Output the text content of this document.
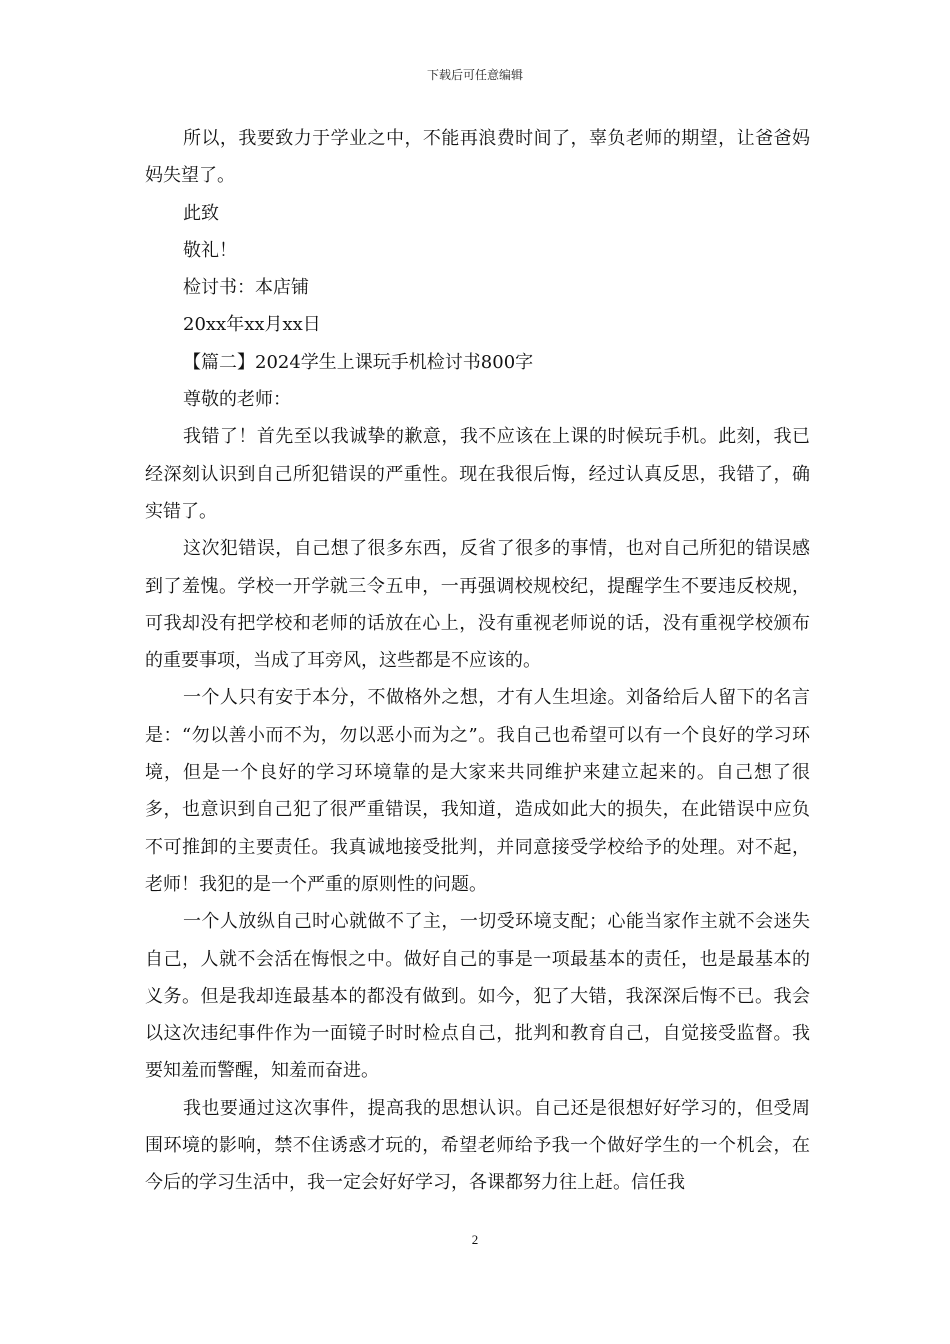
下载后可任意编辑

所以，我要致力于学业之中，不能再浪费时间了，辜负老师的期望，让爸爸妈妈失望了。

此致

敬礼！

检讨书：本店铺

20xx年xx月xx日

【篇二】2024学生上课玩手机检讨书800字

尊敬的老师：

我错了！首先至以我诚挚的歉意，我不应该在上课的时候玩手机。此刻，我已经深刻认识到自己所犯错误的严重性。现在我很后悔，经过认真反思，我错了，确实错了。

这次犯错误，自己想了很多东西，反省了很多的事情，也对自己所犯的错误感到了羞愧。学校一开学就三令五申，一再强调校规校纪，提醒学生不要违反校规，可我却没有把学校和老师的话放在心上，没有重视老师说的话，没有重视学校颁布的重要事项，当成了耳旁风，这些都是不应该的。

一个人只有安于本分，不做格外之想，才有人生坦途。刘备给后人留下的名言是：“勿以善小而不为，勿以恶小而为之”。我自己也希望可以有一个良好的学习环境，但是一个良好的学习环境靠的是大家来共同维护来建立起来的。自己想了很多，也意识到自己犯了很严重错误，我知道，造成如此大的损失，在此错误中应负不可推卸的主要责任。我真诚地接受批判，并同意接受学校给予的处理。对不起，老师！我犯的是一个严重的原则性的问题。

一个人放纵自己时心就做不了主，一切受环境支配；心能当家作主就不会迷失自己，人就不会活在悔恨之中。做好自己的事是一项最基本的责任，也是最基本的义务。但是我却连最基本的都没有做到。如今，犯了大错，我深深后悔不已。我会以这次违纪事件作为一面镜子时时检点自己，批判和教育自己，自觉接受监督。我要知羞而警醒，知羞而奋进。

我也要通过这次事件，提高我的思想认识。自己还是很想好好学习的，但受周围环境的影响，禁不住诱惑才玩的，希望老师给予我一个做好学生的一个机会，在今后的学习生活中，我一定会好好学习，各课都努力往上赶。信任我

2
